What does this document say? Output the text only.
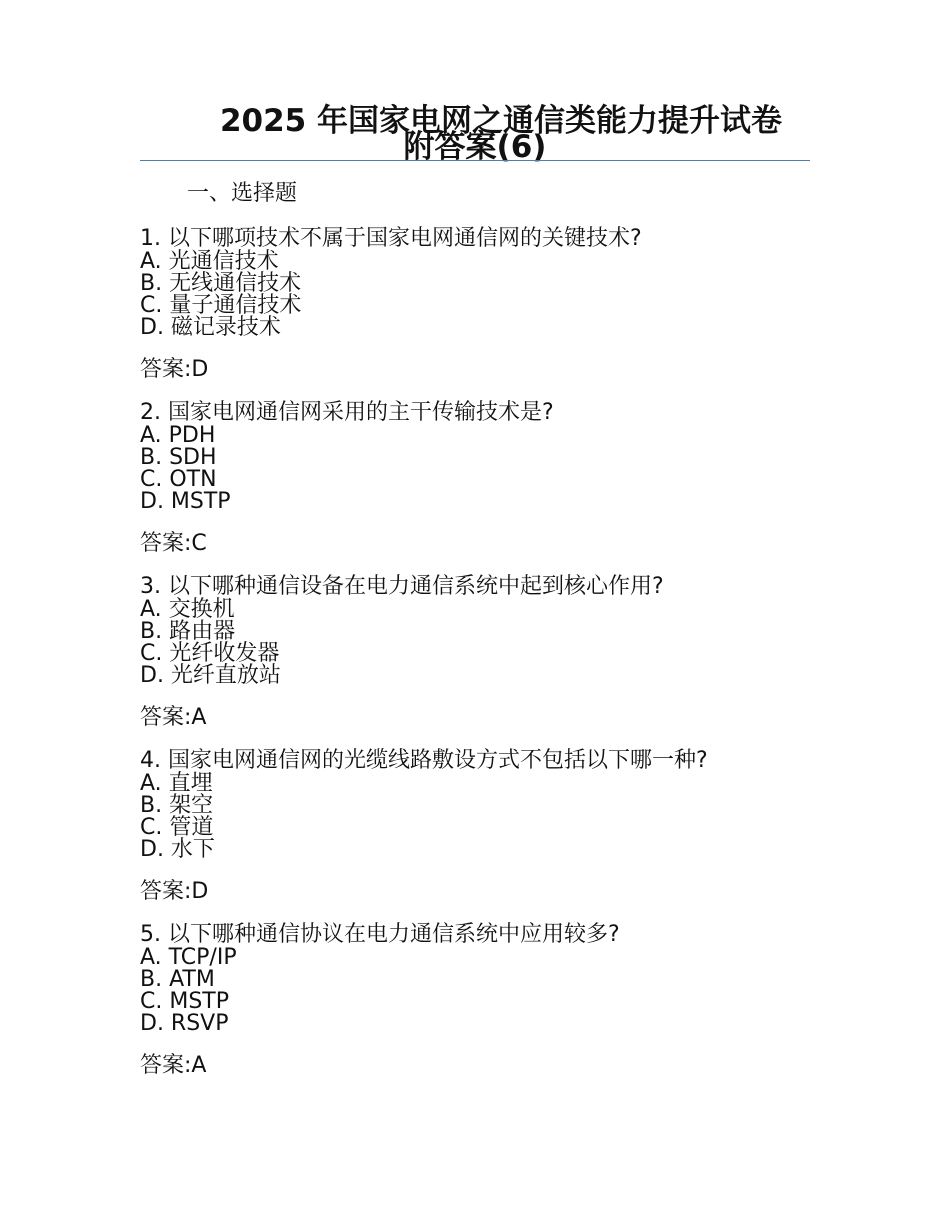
2025 年国家电网之通信类能力提升试卷
附答案(6)
一、选择题
1. 以下哪项技术不属于国家电网通信网的关键技术?
A. 光通信技术
B. 无线通信技术
C. 量子通信技术
D. 磁记录技术
答案:D
2. 国家电网通信网采用的主干传输技术是?
A. PDH
B. SDH
C. OTN
D. MSTP
答案:C
3. 以下哪种通信设备在电力通信系统中起到核心作用?
A. 交换机
B. 路由器
C. 光纤收发器
D. 光纤直放站
答案:A
4. 国家电网通信网的光缆线路敷设方式不包括以下哪一种?
A. 直埋
B. 架空
C. 管道
D. 水下
答案:D
5. 以下哪种通信协议在电力通信系统中应用较多?
A. TCP/IP
B. ATM
C. MSTP
D. RSVP
答案:A
